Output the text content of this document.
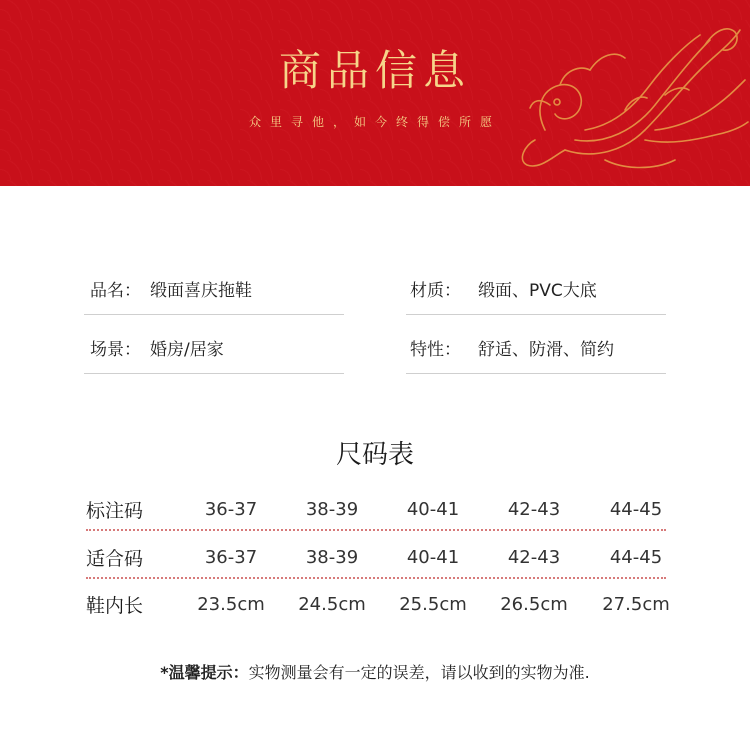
商品信息
众里寻他，如今终得偿所愿
品名： 缎面喜庆拖鞋	材质： 缎面、PVC大底
场景： 婚房/居家	特性： 舒适、防滑、简约
尺码表
标注码	36-37	38-39	40-41	42-43	44-45
适合码	36-37	38-39	40-41	42-43	44-45
鞋内长	23.5cm	24.5cm	25.5cm	26.5cm	27.5cm
*温馨提示：实物测量会有一定的误差，请以收到的实物为准.
